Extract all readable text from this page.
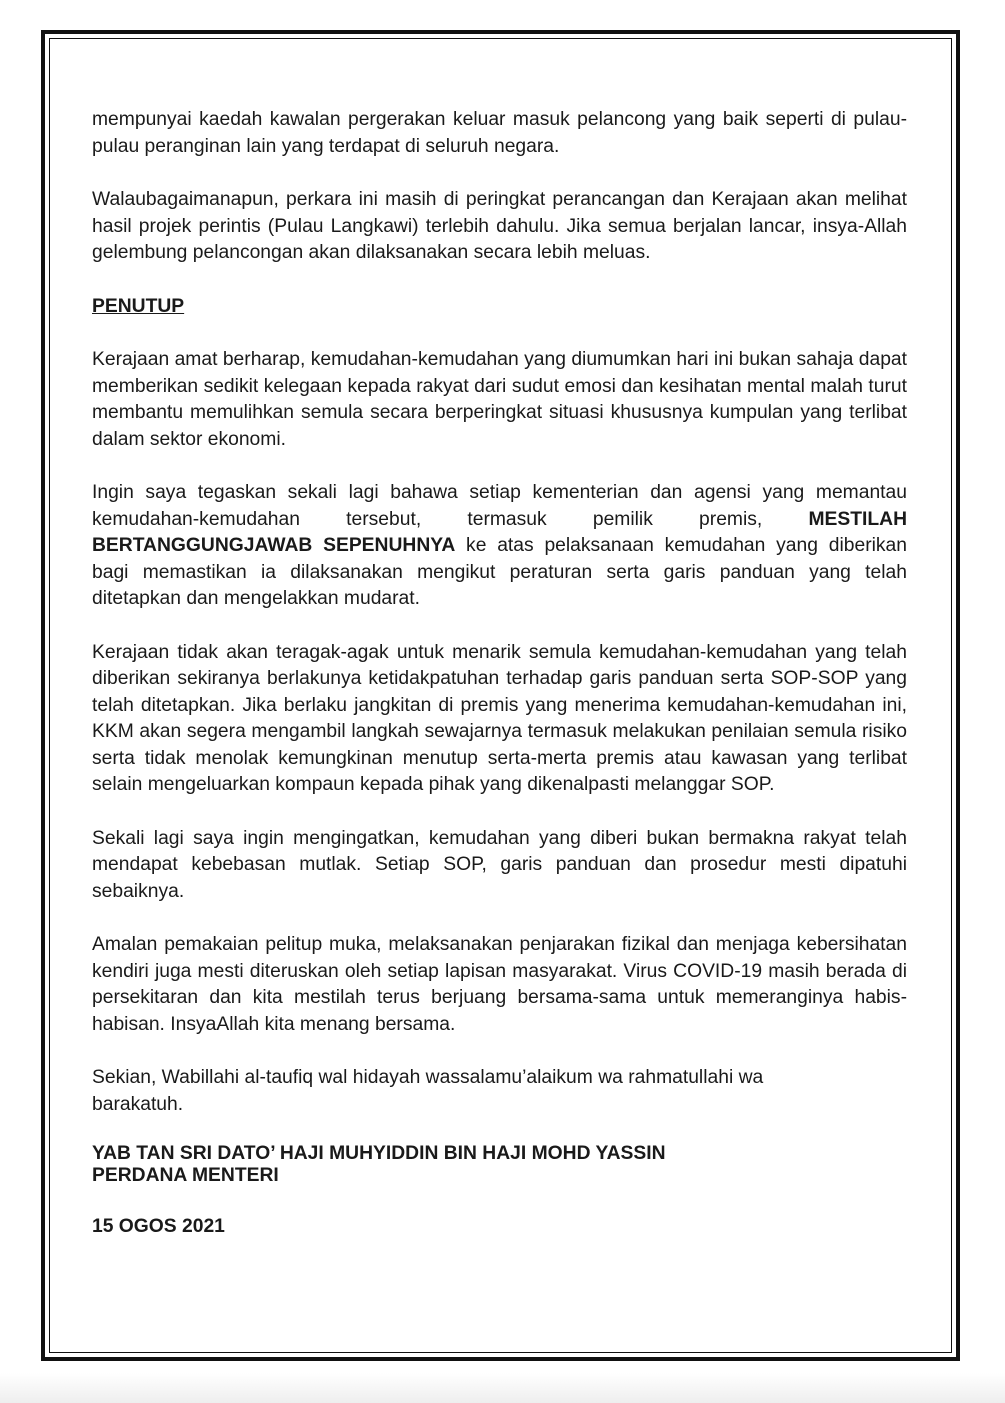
mempunyai kaedah kawalan pergerakan keluar masuk pelancong yang baik seperti di pulau-pulau peranginan lain yang terdapat di seluruh negara.

Walaubagaimanapun, perkara ini masih di peringkat perancangan dan Kerajaan akan melihat hasil projek perintis (Pulau Langkawi) terlebih dahulu. Jika semua berjalan lancar, insya-Allah gelembung pelancongan akan dilaksanakan secara lebih meluas.

PENUTUP

Kerajaan amat berharap, kemudahan-kemudahan yang diumumkan hari ini bukan sahaja dapat memberikan sedikit kelegaan kepada rakyat dari sudut emosi dan kesihatan mental malah turut membantu memulihkan semula secara berperingkat situasi khususnya kumpulan yang terlibat dalam sektor ekonomi.

Ingin saya tegaskan sekali lagi bahawa setiap kementerian dan agensi yang memantau kemudahan-kemudahan tersebut, termasuk pemilik premis, MESTILAH BERTANGGUNGJAWAB SEPENUHNYA ke atas pelaksanaan kemudahan yang diberikan bagi memastikan ia dilaksanakan mengikut peraturan serta garis panduan yang telah ditetapkan dan mengelakkan mudarat.

Kerajaan tidak akan teragak-agak untuk menarik semula kemudahan-kemudahan yang telah diberikan sekiranya berlakunya ketidakpatuhan terhadap garis panduan serta SOP-SOP yang telah ditetapkan. Jika berlaku jangkitan di premis yang menerima kemudahan-kemudahan ini, KKM akan segera mengambil langkah sewajarnya termasuk melakukan penilaian semula risiko serta tidak menolak kemungkinan menutup serta-merta premis atau kawasan yang terlibat selain mengeluarkan kompaun kepada pihak yang dikenalpasti melanggar SOP.

Sekali lagi saya ingin mengingatkan, kemudahan yang diberi bukan bermakna rakyat telah mendapat kebebasan mutlak. Setiap SOP, garis panduan dan prosedur mesti dipatuhi sebaiknya.

Amalan pemakaian pelitup muka, melaksanakan penjarakan fizikal dan menjaga kebersihatan kendiri juga mesti diteruskan oleh setiap lapisan masyarakat. Virus COVID-19 masih berada di persekitaran dan kita mestilah terus berjuang bersama-sama untuk memeranginya habis-habisan. InsyaAllah kita menang bersama.

Sekian, Wabillahi al-taufiq wal hidayah wassalamu’alaikum wa rahmatullahi wa

barakatuh.

YAB TAN SRI DATO’ HAJI MUHYIDDIN BIN HAJI MOHD YASSIN

PERDANA MENTERI

15 OGOS 2021
